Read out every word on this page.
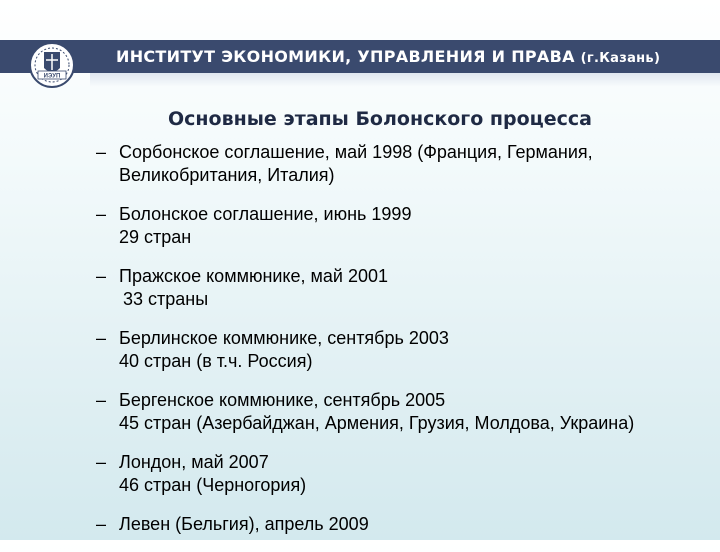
ИЭУП
ИНСТИТУТ ЭКОНОМИКИ, УПРАВЛЕНИЯ И ПРАВА (г.Казань)
Основные этапы Болонского процесса
– Сорбонское соглашение, май 1998 (Франция, Германия,
Великобритания, Италия)
– Болонское соглашение, июнь 1999
29 стран
– Пражское коммюнике, май 2001
33 страны
– Берлинское коммюнике, сентябрь 2003
40 стран (в т.ч. Россия)
– Бергенское коммюнике, сентябрь 2005
45 стран (Азербайджан, Армения, Грузия, Молдова, Украина)
– Лондон, май 2007
46 стран (Черногория)
– Левен (Бельгия), апрель 2009
